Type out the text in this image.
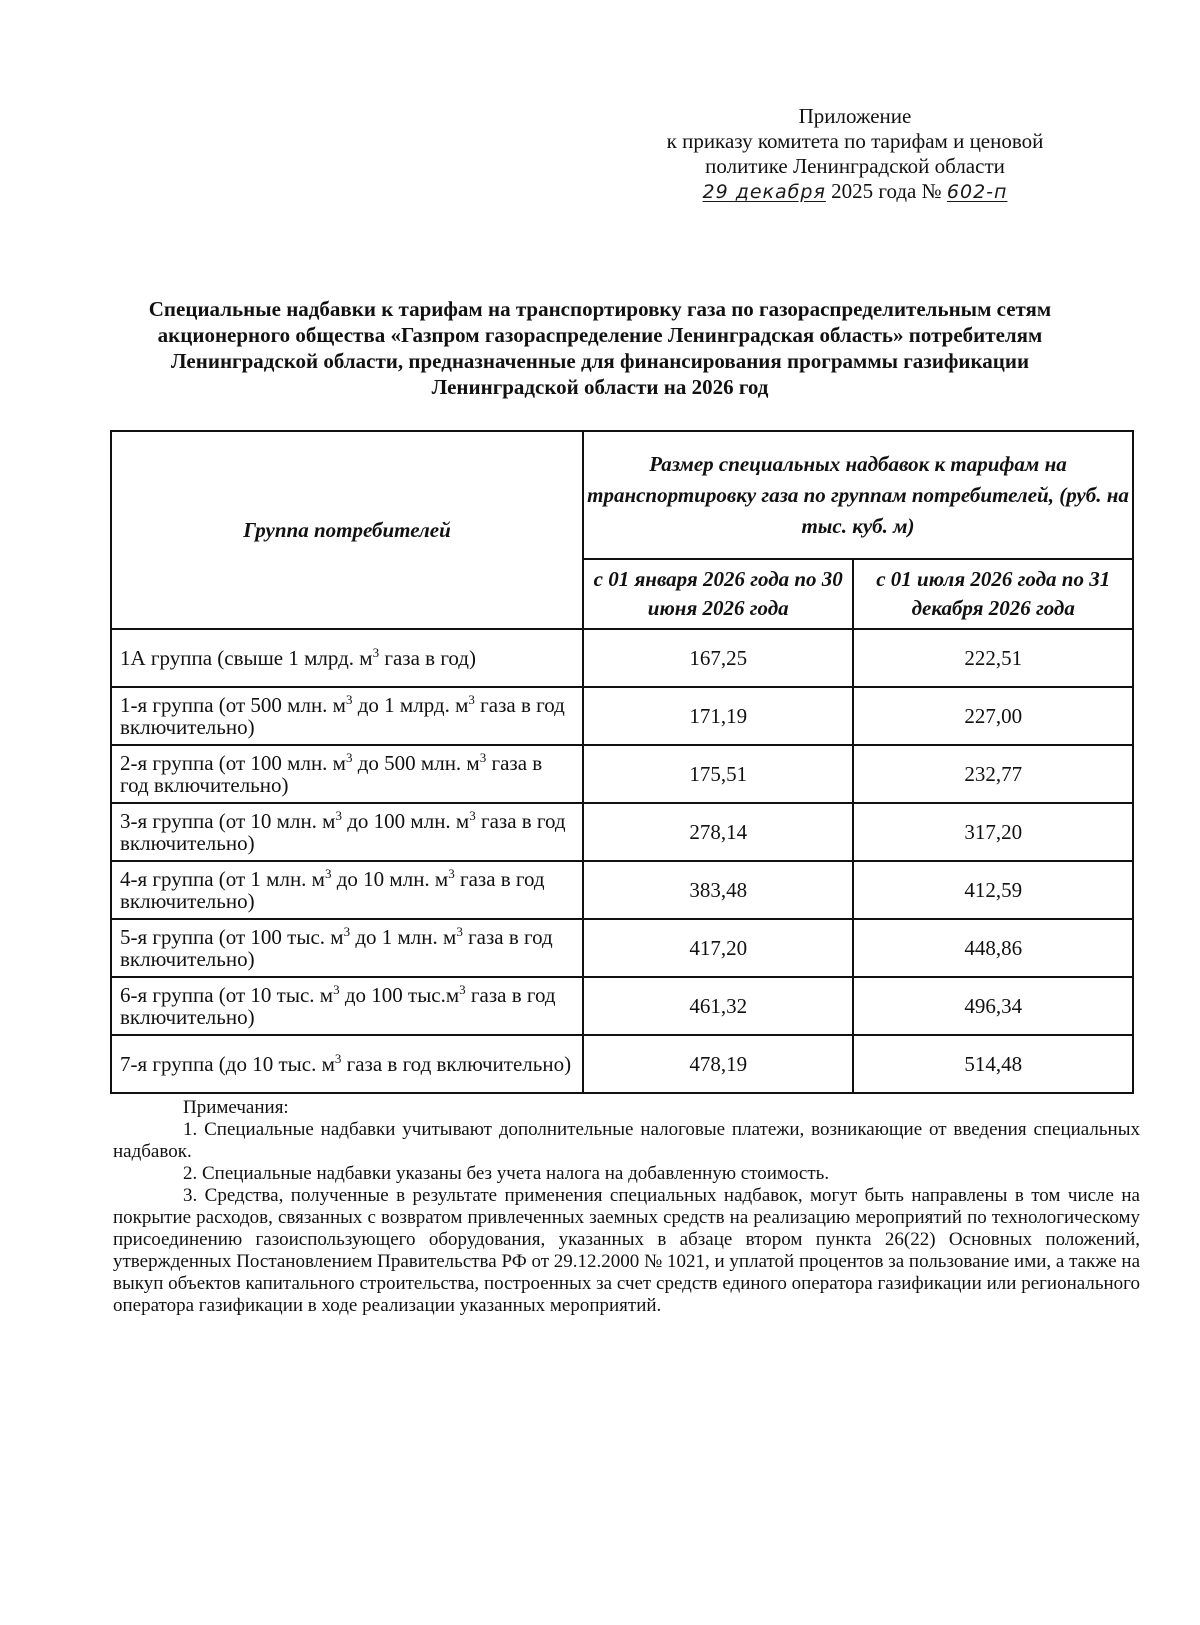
Приложение
к приказу комитета по тарифам и ценовой
политике Ленинградской области
29 декабря 2025 года № 602-п
Специальные надбавки к тарифам на транспортировку газа по газораспределительным сетям акционерного общества «Газпром газораспределение Ленинградская область» потребителям Ленинградской области, предназначенные для финансирования программы газификации Ленинградской области на 2026 год
Группа потребителей	Размер специальных надбавок к тарифам на транспортировку газа по группам потребителей, (руб. на тыс. куб. м)	
	с 01 января 2026 года по 30 июня 2026 года	с 01 июля 2026 года по 31 декабря 2026 года
1А группа (свыше 1 млрд. $м^3$ газа в год)	167,25	222,51
1-я группа (от 500 млн. $м^3$ до 1 млрд. $м^3$ газа в год включительно)	171,19	227,00
2-я группа (от 100 млн. $м^3$ до 500 млн. $м^3$ газа в год включительно)	175,51	232,77
3-я группа (от 10 млн. $м^3$ до 100 млн. $м^3$ газа в год включительно)	278,14	317,20
4-я группа (от 1 млн. $м^3$ до 10 млн. $м^3$ газа в год включительно)	383,48	412,59
5-я группа (от 100 тыс. $м^3$ до 1 млн. $м^3$ газа в год включительно)	417,20	448,86
6-я группа (от 10 тыс. $м^3$ до 100 $тыс.м^3$ газа в год включительно)	461,32	496,34
7-я группа (до 10 тыс. $м^3$ газа в год включительно)	478,19	514,48
Примечания:

1. Специальные надбавки учитывают дополнительные налоговые платежи, возникающие от введения специальных надбавок.

2. Специальные надбавки указаны без учета налога на добавленную стоимость.

3. Средства, полученные в результате применения специальных надбавок, могут быть направлены в том числе на покрытие расходов, связанных с возвратом привлеченных заемных средств на реализацию мероприятий по технологическому присоединению газоиспользующего оборудования, указанных в абзаце втором пункта 26(22) Основных положений, утвержденных Постановлением Правительства РФ от 29.12.2000 № 1021, и уплатой процентов за пользование ими, а также на выкуп объектов капитального строительства, построенных за счет средств единого оператора газификации или регионального оператора газификации в ходе реализации указанных мероприятий.
